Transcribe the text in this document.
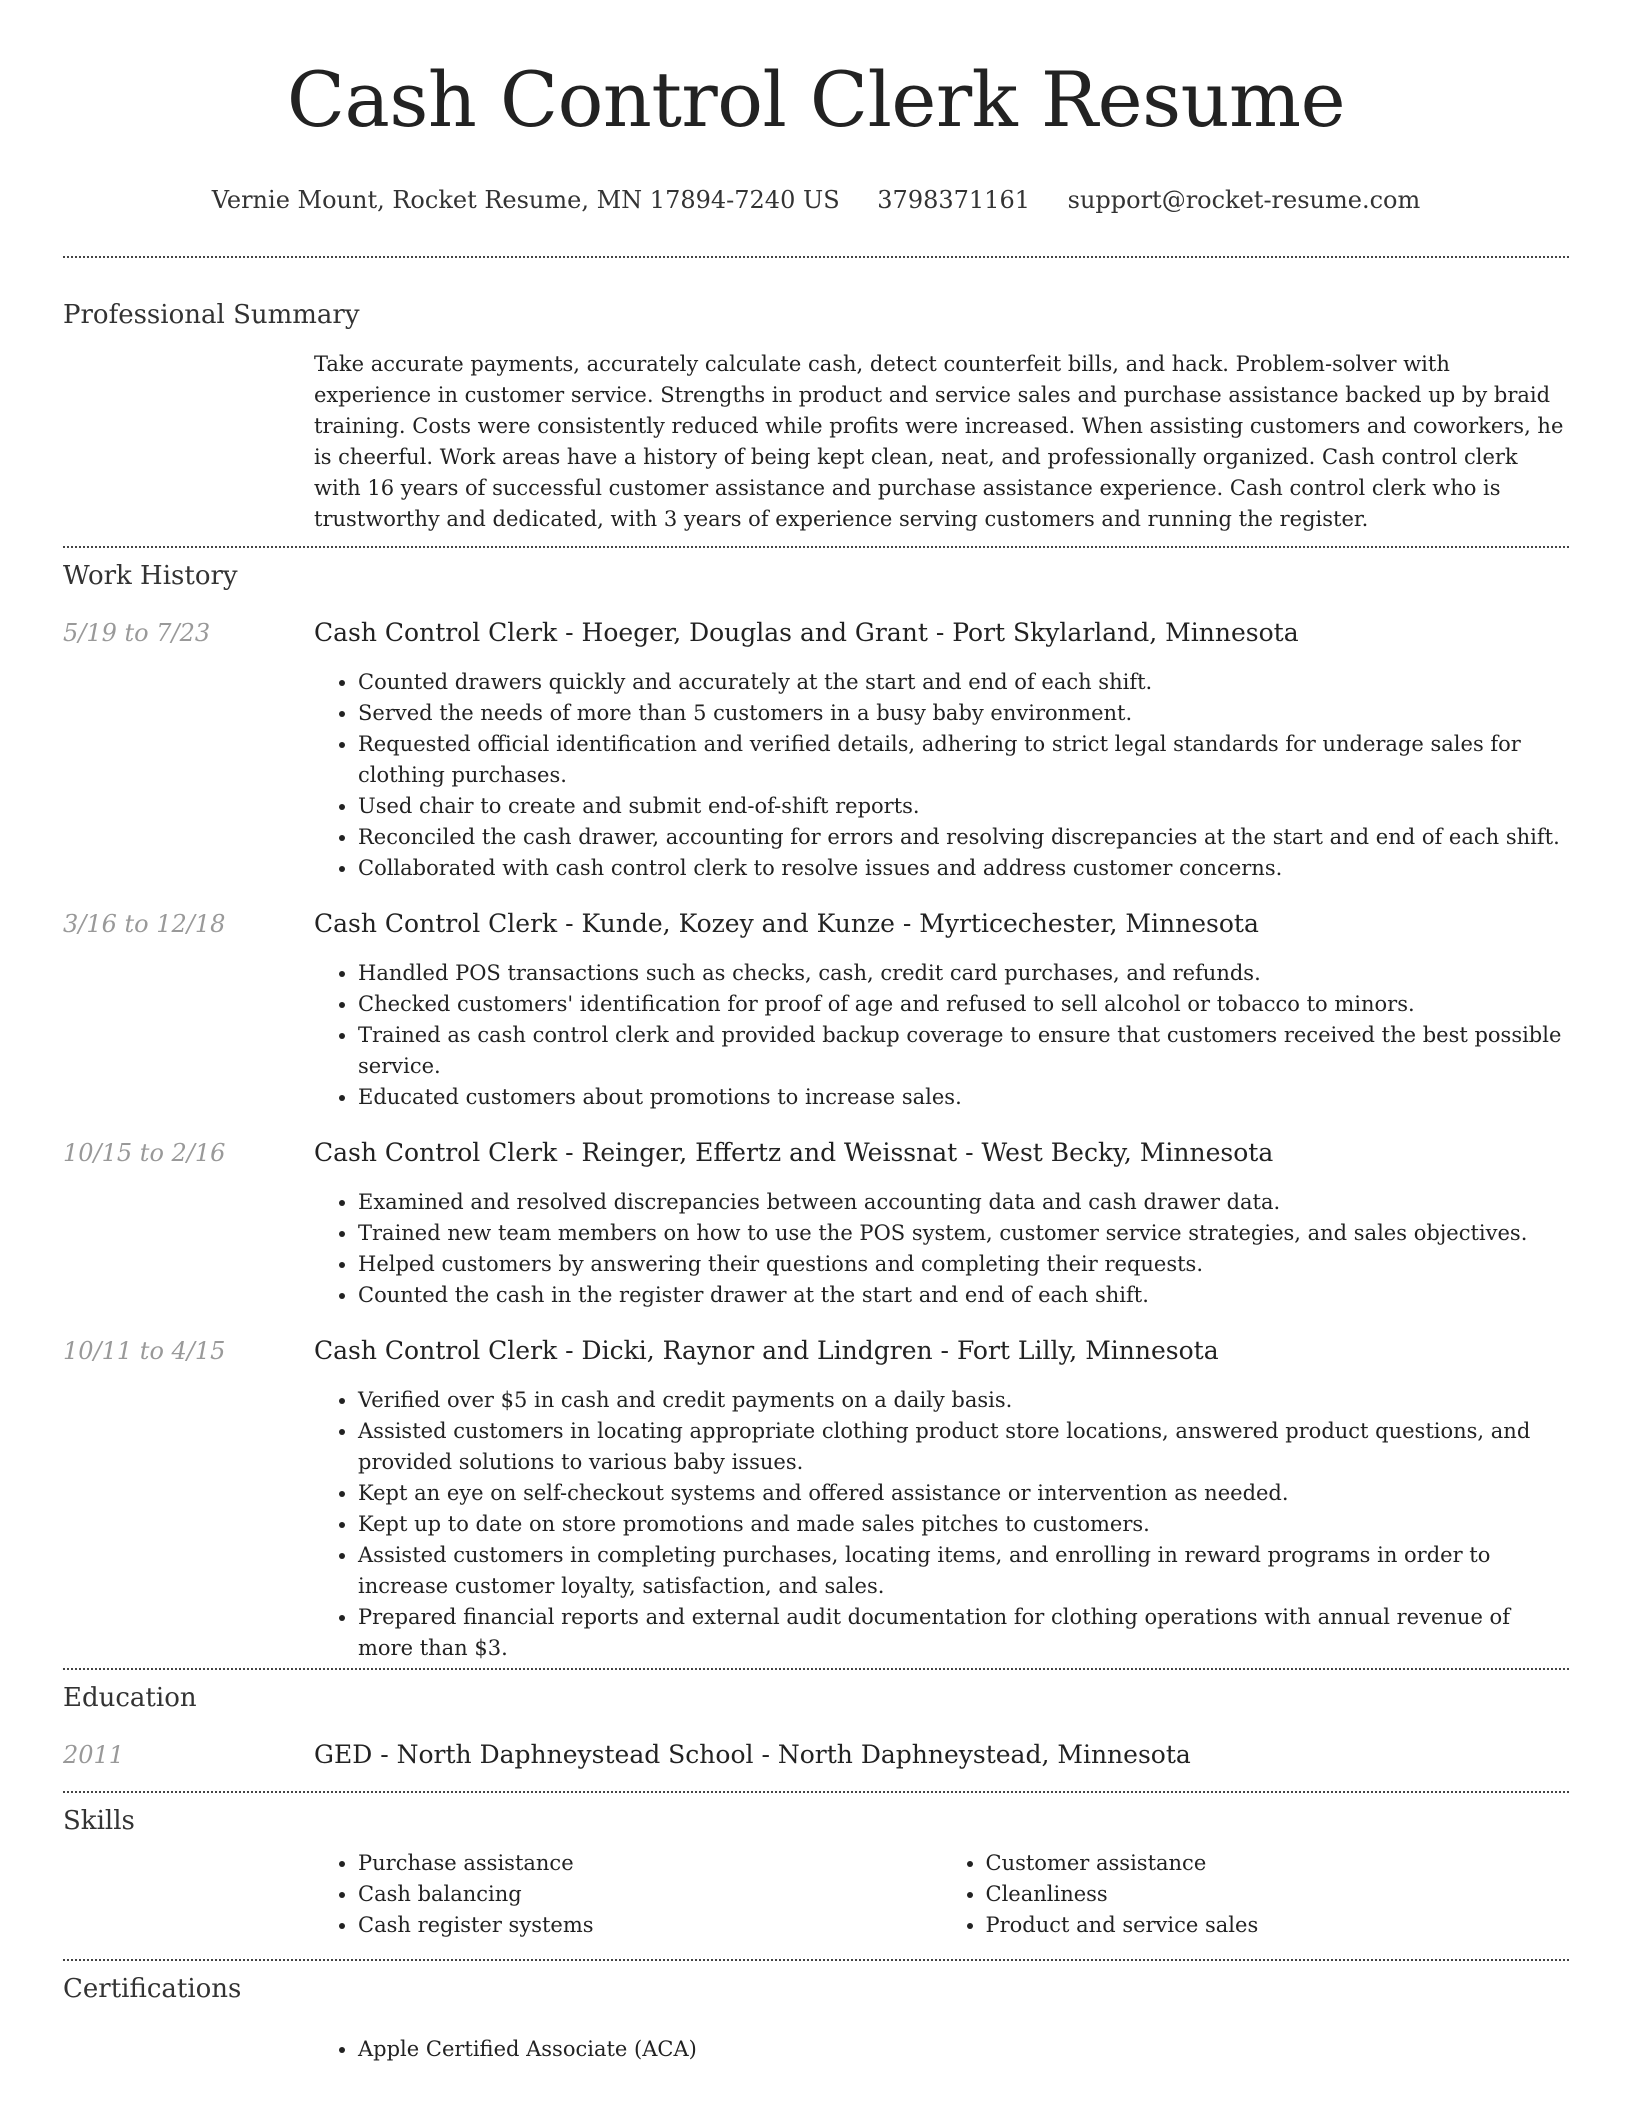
Cash Control Clerk Resume
Vernie Mount, Rocket Resume, MN 17894-7240 US 3798371161 support@rocket-resume.com
Professional Summary

Take accurate payments, accurately calculate cash, detect counterfeit bills, and hack. Problem-solver with experience in customer service. Strengths in product and service sales and purchase assistance backed up by braid training. Costs were consistently reduced while profits were increased. When assisting customers and coworkers, he is cheerful. Work areas have a history of being kept clean, neat, and professionally organized. Cash control clerk with 16 years of successful customer assistance and purchase assistance experience. Cash control clerk who is trustworthy and dedicated, with 3 years of experience serving customers and running the register.

Work History
5/19 to 7/23	Cash Control Clerk - Hoeger, Douglas and Grant - Port Skylarland, Minnesota
• Counted drawers quickly and accurately at the start and end of each shift.
• Served the needs of more than 5 customers in a busy baby environment.
• Requested official identification and verified details, adhering to strict legal standards for underage sales for clothing purchases.
• Used chair to create and submit end-of-shift reports.
• Reconciled the cash drawer, accounting for errors and resolving discrepancies at the start and end of each shift.
• Collaborated with cash control clerk to resolve issues and address customer concerns.
3/16 to 12/18	Cash Control Clerk - Kunde, Kozey and Kunze - Myrticechester, Minnesota
• Handled POS transactions such as checks, cash, credit card purchases, and refunds.
• Checked customers' identification for proof of age and refused to sell alcohol or tobacco to minors.
• Trained as cash control clerk and provided backup coverage to ensure that customers received the best possible service.
• Educated customers about promotions to increase sales.
10/15 to 2/16	Cash Control Clerk - Reinger, Effertz and Weissnat - West Becky, Minnesota
• Examined and resolved discrepancies between accounting data and cash drawer data.
• Trained new team members on how to use the POS system, customer service strategies, and sales objectives.
• Helped customers by answering their questions and completing their requests.
• Counted the cash in the register drawer at the start and end of each shift.
10/11 to 4/15	Cash Control Clerk - Dicki, Raynor and Lindgren - Fort Lilly, Minnesota
• Verified over $5 in cash and credit payments on a daily basis.
• Assisted customers in locating appropriate clothing product store locations, answered product questions, and provided solutions to various baby issues.
• Kept an eye on self-checkout systems and offered assistance or intervention as needed.
• Kept up to date on store promotions and made sales pitches to customers.
• Assisted customers in completing purchases, locating items, and enrolling in reward programs in order to increase customer loyalty, satisfaction, and sales.
• Prepared financial reports and external audit documentation for clothing operations with annual revenue of more than $3.
Education
2011	GED - North Daphneystead School - North Daphneystead, Minnesota
Skills
• Purchase assistance
• Cash balancing
• Cash register systems
• Customer assistance
• Cleanliness
• Product and service sales
Certifications
• Apple Certified Associate (ACA)
